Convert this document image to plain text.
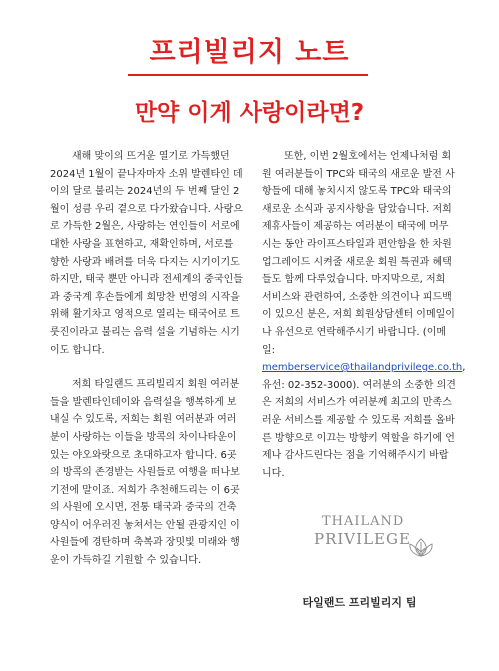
프리빌리지 노트
만약 이게 사랑이라면?

새해 맞이의 뜨거운 열기로 가득했던 2024년 1월이 끝나자마자 소위 발렌타인 데이의 달로 불리는 2024년의 두 번째 달인 2월이 성큼 우리 곁으로 다가왔습니다. 사랑으로 가득한 2월은, 사랑하는 연인들이 서로에 대한 사랑을 표현하고, 재확인하며, 서로를 향한 사랑과 배려를 더욱 다지는 시기이기도 하지만, 태국 뿐만 아니라 전세계의 중국인들과 중국계 후손들에게 희망찬 번영의 시작을 위해 활기차고 영적으로 열리는 태국어로 트룻진이라고 불리는 음력 설을 기념하는 시기이도 합니다.

저희 타일랜드 프리빌리지 회원 여러분들을 발렌타인데이와 음력설을 행복하게 보내실 수 있도록, 저희는 회원 여러분과 여러분이 사랑하는 이들을 방콕의 차이나타운이 있는 야오와랏으로 초대하고자 합니다. 6곳의 방콕의 존경받는 사원들로 여행을 떠나보기전에 말이죠. 저희가 추천해드리는 이 6곳의 사원에 오시면, 전통 태국과 중국의 건축양식이 어우러진 놓쳐서는 안될 관광지인 이 사원들에 경탄하며 축복과 장밋빛 미래와 행운이 가득하길 기원할 수 있습니다.

또한, 이번 2월호에서는 언제나처럼 회원 여러분들이 TPC와 태국의 새로운 발전 사항들에 대해 놓치시지 않도록 TPC와 태국의 새로운 소식과 공지사항을 담았습니다. 저희 제휴사들이 제공하는 여러분이 태국에 머무시는 동안 라이프스타일과 편안함을 한 차원 업그레이드 시켜줄 새로운 회원 특권과 혜택들도 함께 다루었습니다. 마지막으로, 저희 서비스와 관련하여, 소중한 의견이나 피드백이 있으신 분은, 저희 회원상담센터 이메일이나 유선으로 연락해주시기 바랍니다. (이메일: memberservice@thailandprivilege.co.th, 유선: 02-352-3000). 여러분의 소중한 의견은 저희의 서비스가 여러분께 최고의 만족스러운 서비스를 제공할 수 있도록 저희를 올바른 방향으로 이끄는 방향키 역할을 하기에 언제나 감사드린다는 점을 기억해주시기 바랍니다.

THAILAND
PRIVILEGE
타일랜드 프리빌리지 팀
